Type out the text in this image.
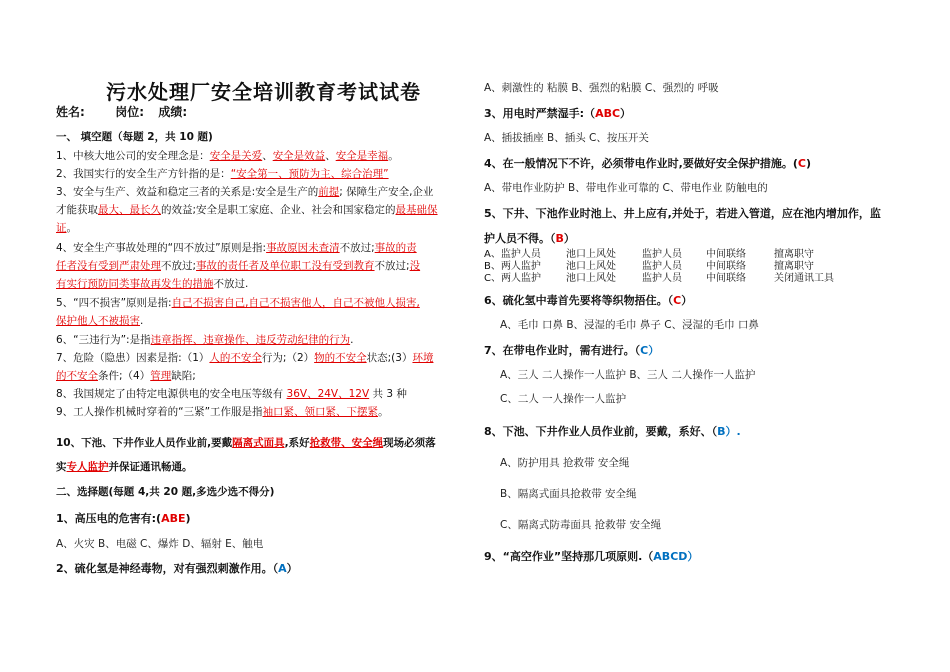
污水处理厂安全培训教育考试试卷
姓名:	岗位: 成绩:
一、 填空题（每题 2，共 10 题)
1、中核大地公司的安全理念是：安全是关爱、安全是效益、安全是幸福。
2、我国实行的安全生产方针指的是：“安全第一、预防为主、综合治理”
3、安全与生产、效益和稳定三者的关系是:安全是生产的前提; 保障生产安全,企业
才能获取最大、最长久的效益;安全是职工家庭、企业、社会和国家稳定的最基础保
证。
4、安全生产事故处理的“四不放过”原则是指:事故原因未查清不放过;事故的责
任者没有受到严肃处理不放过;事故的责任者及单位职工没有受到教育不放过;没
有实行预防同类事故再发生的措施不放过.
5、“四不损害”原则是指:自己不损害自己,自己不损害他人，自己不被他人损害,
保护他人不被损害.
6、“三违行为”:是指违章指挥、违章操作、违反劳动纪律的行为.
7、危险（隐患）因素是指:（1）人的不安全行为;（2）物的不安全状态;(3）环境
的不安全条件;（4）管理缺陷;
8、我国规定了由特定电源供电的安全电压等级有 36V、24V、12V 共 3 种
9、工人操作机械时穿着的“三紧”工作服是指袖口紧、领口紧、下摆紧。
10、下池、下井作业人员作业前,要戴隔离式面具,系好抢救带、安全绳现场必须落
实专人监护并保证通讯畅通。
二、选择题(每题 4,共 20 题,多选少选不得分)
1、高压电的危害有:(ABE)
A、火灾 B、电磁 C、爆炸 D、辐射 E、触电
2、硫化氢是神经毒物，对有强烈刺激作用。（A）
A、刺激性的 粘膜 B、强烈的粘膜 C、强烈的 呼吸
3、用电时严禁湿手:（ABC）
A、插拔插座 B、插头 C、按压开关
4、在一般情况下不许，必须带电作业时,要做好安全保护措施。(C)
A、带电作业防护 B、带电作业可靠的 C、带电作业 防触电的
5、下井、下池作业时池上、井上应有,并处于，若进入管道，应在池内增加作，监
护人员不得。（B）
A、监护人员	池口上风处	监护人员	中间联络	擅离职守
B、两人监护	池口上风处	监护人员	中间联络	擅离职守
C、两人监护	池口上风处	监护人员	中间联络	关闭通讯工具
6、硫化氢中毒首先要将等织物捂住。（C）
A、毛巾 口鼻 B、浸湿的毛巾 鼻子 C、浸湿的毛巾 口鼻
7、在带电作业时，需有进行。（C）
A、三人 二人操作一人监护 B、三人 二人操作一人监护
C、二人 一人操作一人监护
8、下池、下井作业人员作业前，要戴，系好、（B）.
A、防护用具 抢救带 安全绳
B、隔离式面具抢救带 安全绳
C、隔离式防毒面具 抢救带 安全绳
9、“高空作业”坚持那几项原则.（ABCD）
